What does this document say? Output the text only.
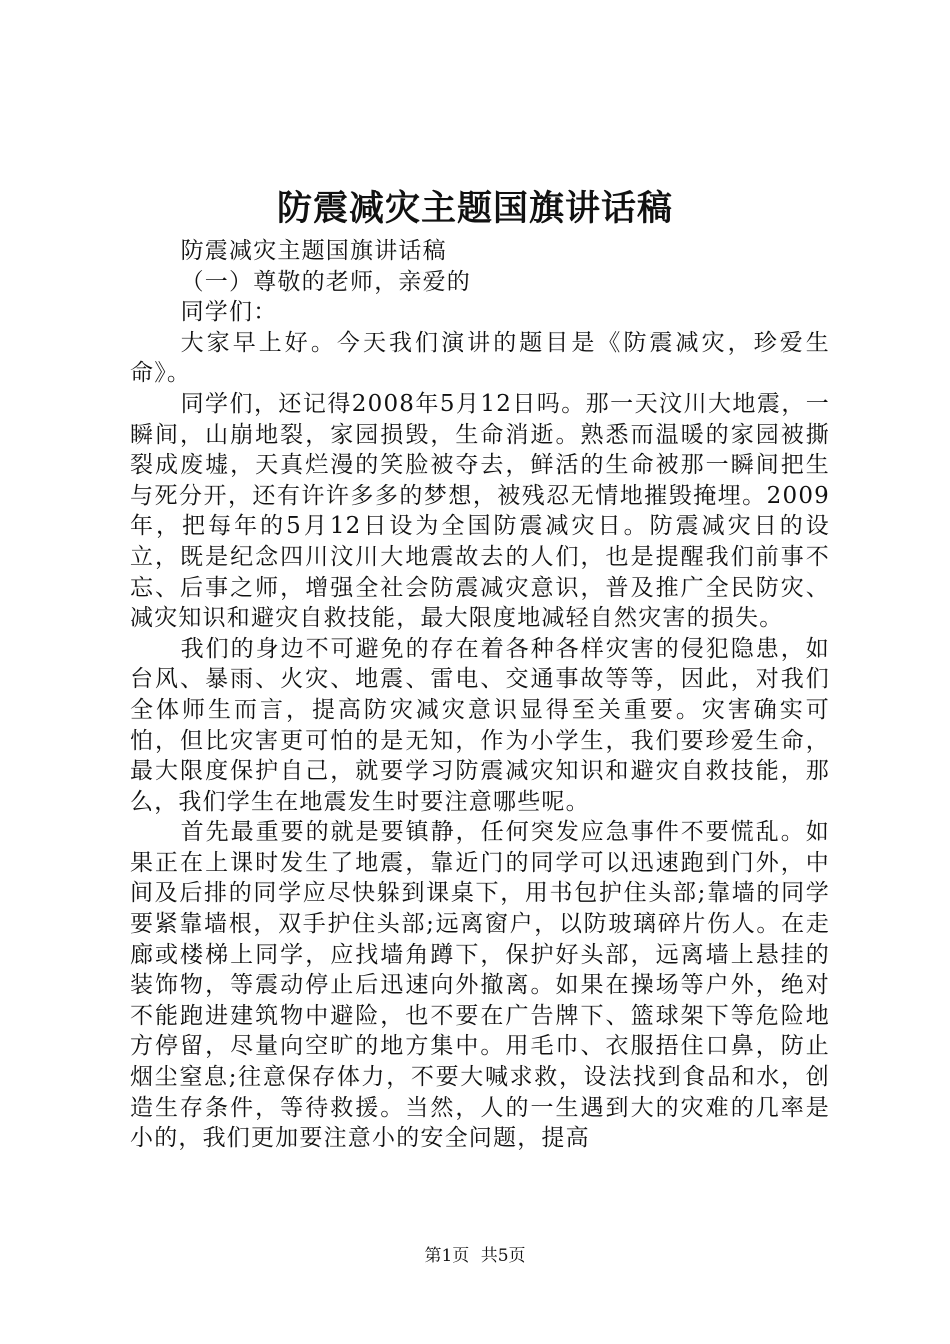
防震减灾主题国旗讲话稿

防震减灾主题国旗讲话稿

（一）尊敬的老师，亲爱的

同学们：

大家早上好。今天我们演讲的题目是《防震减灾，珍爱生命》。

同学们，还记得2008年5月12日吗。那一天汶川大地震，一瞬间，山崩地裂，家园损毁，生命消逝。熟悉而温暖的家园被撕裂成废墟，天真烂漫的笑脸被夺去，鲜活的生命被那一瞬间把生与死分开，还有许许多多的梦想，被残忍无情地摧毁掩埋。2009年，把每年的5月12日设为全国防震减灾日。防震减灾日的设立，既是纪念四川汶川大地震故去的人们，也是提醒我们前事不忘、后事之师，增强全社会防震减灾意识，普及推广全民防灾、减灾知识和避灾自救技能，最大限度地减轻自然灾害的损失。

我们的身边不可避免的存在着各种各样灾害的侵犯隐患，如台风、暴雨、火灾、地震、雷电、交通事故等等，因此，对我们全体师生而言，提高防灾减灾意识显得至关重要。灾害确实可怕，但比灾害更可怕的是无知，作为小学生，我们要珍爱生命，最大限度保护自己，就要学习防震减灾知识和避灾自救技能，那么，我们学生在地震发生时要注意哪些呢。

首先最重要的就是要镇静，任何突发应急事件不要慌乱。如果正在上课时发生了地震，靠近门的同学可以迅速跑到门外，中间及后排的同学应尽快躲到课桌下，用书包护住头部;靠墙的同学要紧靠墙根，双手护住头部;远离窗户，以防玻璃碎片伤人。在走廊或楼梯上同学，应找墙角蹲下，保护好头部，远离墙上悬挂的装饰物，等震动停止后迅速向外撤离。如果在操场等户外，绝对不能跑进建筑物中避险，也不要在广告牌下、篮球架下等危险地方停留，尽量向空旷的地方集中。用毛巾、衣服捂住口鼻，防止烟尘窒息;往意保存体力，不要大喊求救，设法找到食品和水，创造生存条件，等待救援。当然，人的一生遇到大的灾难的几率是小的，我们更加要注意小的安全问题，提高

第1页 共5页
